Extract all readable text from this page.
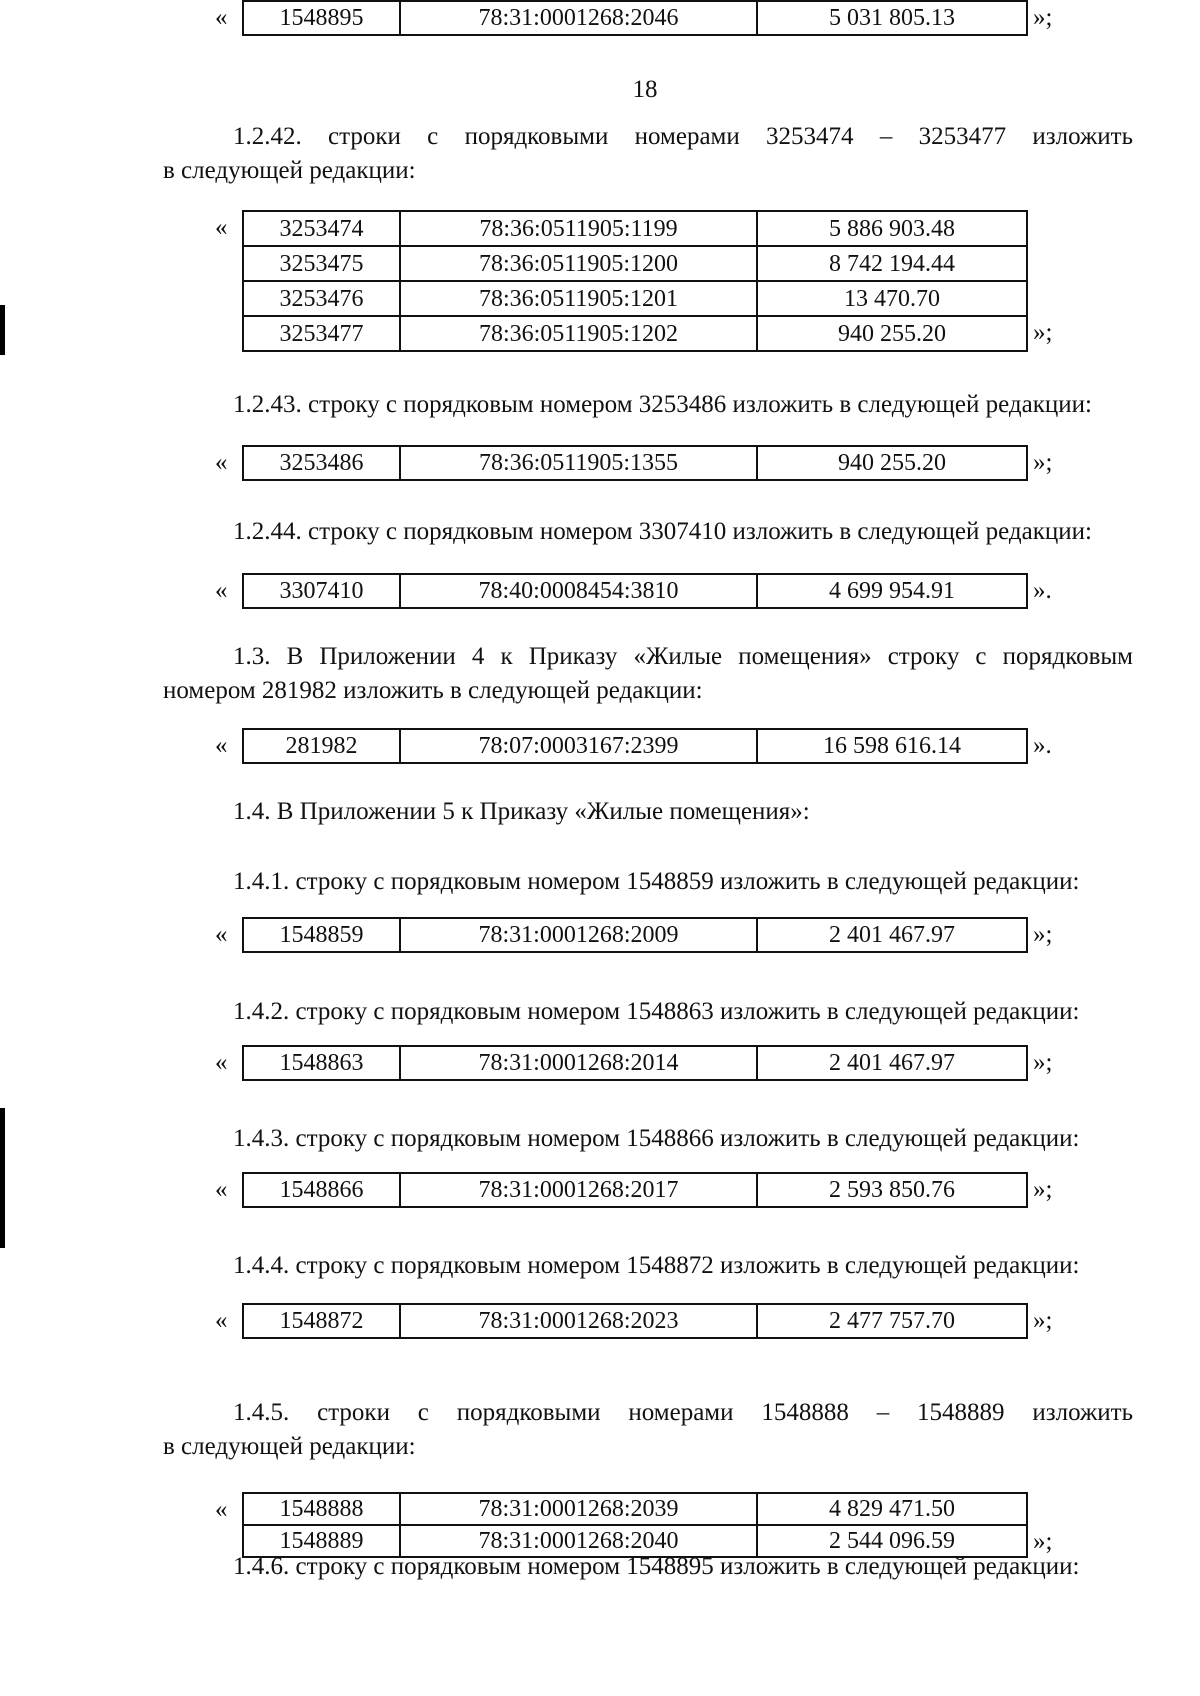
18
1.2.42. строки с порядковыми номерами 3253474 – 3253477 изложить
в следующей редакции:
« 3253474	78:36:0511905:1199	5 886 903.48
3253475	78:36:0511905:1200	8 742 194.44
3253476	78:36:0511905:1201	13 470.70
3253477	78:36:0511905:1202	940 255.20	»;
1.2.43. строку с порядковым номером 3253486 изложить в следующей редакции:
« 3253486	78:36:0511905:1355	940 255.20	»;
1.2.44. строку с порядковым номером 3307410 изложить в следующей редакции:
« 3307410	78:40:0008454:3810	4 699 954.91	».
1.3. В Приложении 4 к Приказу «Жилые помещения» строку с порядковым
номером 281982 изложить в следующей редакции:
« 281982	78:07:0003167:2399	16 598 616.14	».
1.4. В Приложении 5 к Приказу «Жилые помещения»:
1.4.1. строку с порядковым номером 1548859 изложить в следующей редакции:
« 1548859	78:31:0001268:2009	2 401 467.97	»;
1.4.2. строку с порядковым номером 1548863 изложить в следующей редакции:
« 1548863	78:31:0001268:2014	2 401 467.97	»;
1.4.3. строку с порядковым номером 1548866 изложить в следующей редакции:
« 1548866	78:31:0001268:2017	2 593 850.76	»;
1.4.4. строку с порядковым номером 1548872 изложить в следующей редакции:
« 1548872	78:31:0001268:2023	2 477 757.70	»;
1.4.5. строки с порядковыми номерами 1548888 – 1548889 изложить
в следующей редакции:
« 1548888	78:31:0001268:2039	4 829 471.50
1548889	78:31:0001268:2040	2 544 096.59	»;
1.4.6. строку с порядковым номером 1548895 изложить в следующей редакции:
« 1548895	78:31:0001268:2046	5 031 805.13	»;
